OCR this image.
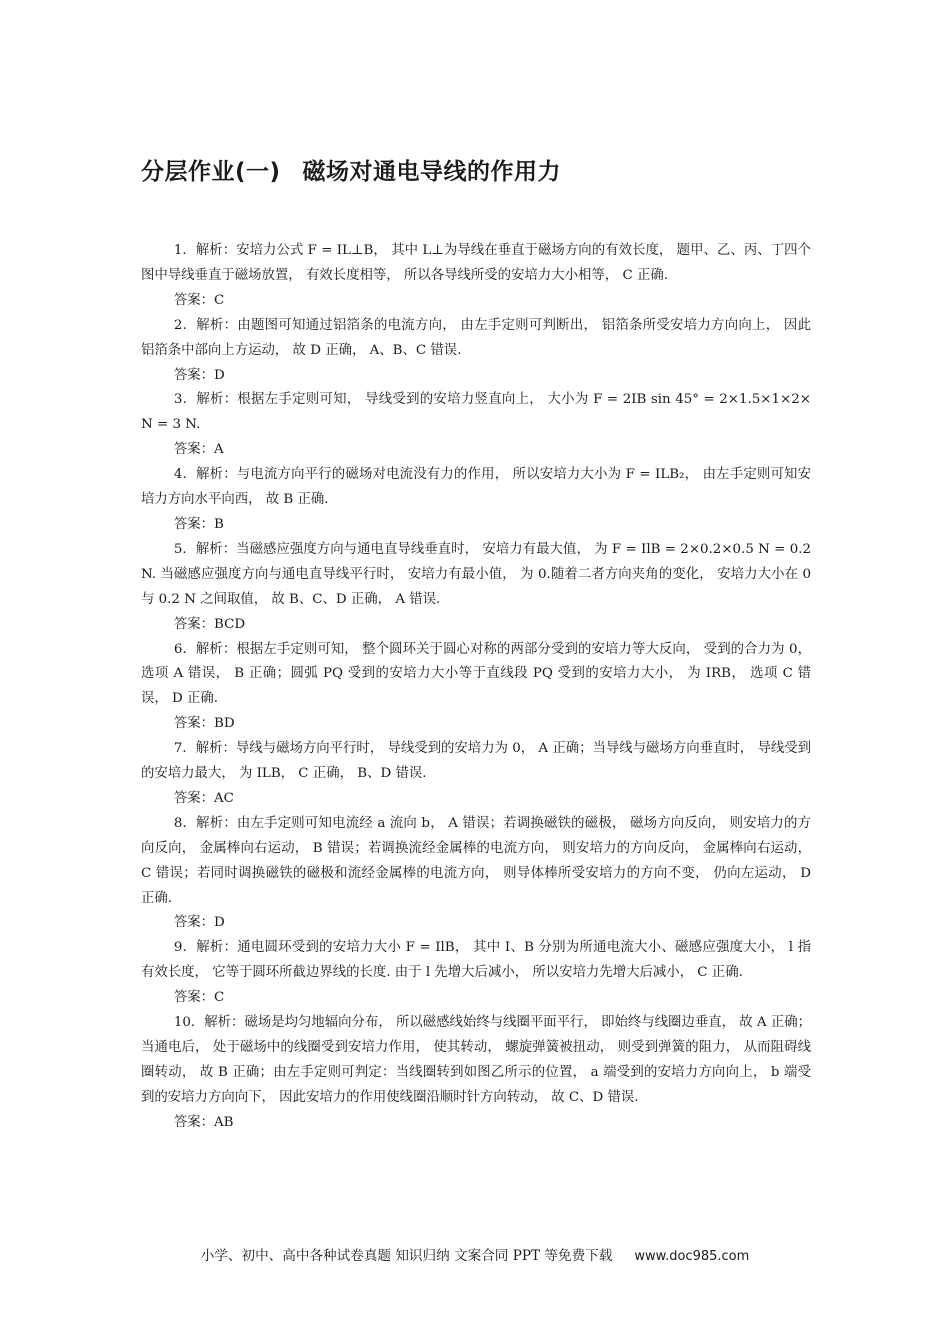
分层作业(一) 磁场对通电导线的作用力

1．解析：安培力公式 F = IL⊥B， 其中 L⊥为导线在垂直于磁场方向的有效长度， 题甲、乙、丙、丁四个图中导线垂直于磁场放置， 有效长度相等， 所以各导线所受的安培力大小相等， C 正确.

答案：C

2．解析：由题图可知通过铝箔条的电流方向， 由左手定则可判断出， 铝箔条所受安培力方向向上， 因此铝箔条中部向上方运动， 故 D 正确， A、B、C 错误.

答案：D

3．解析：根据左手定则可知， 导线受到的安培力竖直向上， 大小为 F = 2IB sin 45° = 2×1.5×1×2× N = 3 N.

答案：A

4．解析：与电流方向平行的磁场对电流没有力的作用， 所以安培力大小为 F = ILB₂， 由左手定则可知安培力方向水平向西， 故 B 正确.

答案：B

5．解析：当磁感应强度方向与通电直导线垂直时， 安培力有最大值， 为 F = IlB = 2×0.2×0.5 N = 0.2 N. 当磁感应强度方向与通电直导线平行时， 安培力有最小值， 为 0.随着二者方向夹角的变化， 安培力大小在 0 与 0.2 N 之间取值， 故 B、C、D 正确， A 错误.

答案：BCD

6．解析：根据左手定则可知， 整个圆环关于圆心对称的两部分受到的安培力等大反向， 受到的合力为 0， 选项 A 错误， B 正确；圆弧 PQ 受到的安培力大小等于直线段 PQ 受到的安培力大小， 为 IRB， 选项 C 错误， D 正确.

答案：BD

7．解析：导线与磁场方向平行时， 导线受到的安培力为 0， A 正确；当导线与磁场方向垂直时， 导线受到的安培力最大， 为 ILB， C 正确， B、D 错误.

答案：AC

8．解析：由左手定则可知电流经 a 流向 b， A 错误；若调换磁铁的磁极， 磁场方向反向， 则安培力的方向反向， 金属棒向右运动， B 错误；若调换流经金属棒的电流方向， 则安培力的方向反向， 金属棒向右运动， C 错误；若同时调换磁铁的磁极和流经金属棒的电流方向， 则导体棒所受安培力的方向不变， 仍向左运动， D 正确.

答案：D

9．解析：通电圆环受到的安培力大小 F = IlB， 其中 I、B 分别为所通电流大小、磁感应强度大小， l 指有效长度， 它等于圆环所截边界线的长度. 由于 l 先增大后减小， 所以安培力先增大后减小， C 正确.

答案：C

10．解析：磁场是均匀地辐向分布， 所以磁感线始终与线圈平面平行， 即始终与线圈边垂直， 故 A 正确；当通电后， 处于磁场中的线圈受到安培力作用， 使其转动， 螺旋弹簧被扭动， 则受到弹簧的阻力， 从而阻碍线圈转动， 故 B 正确；由左手定则可判定：当线圈转到如图乙所示的位置， a 端受到的安培力方向向上， b 端受到的安培力方向向下， 因此安培力的作用使线圈沿顺时针方向转动， 故 C、D 错误.

答案：AB

小学、初中、高中各种试卷真题 知识归纳 文案合同 PPT 等免费下载 www.doc985.com
